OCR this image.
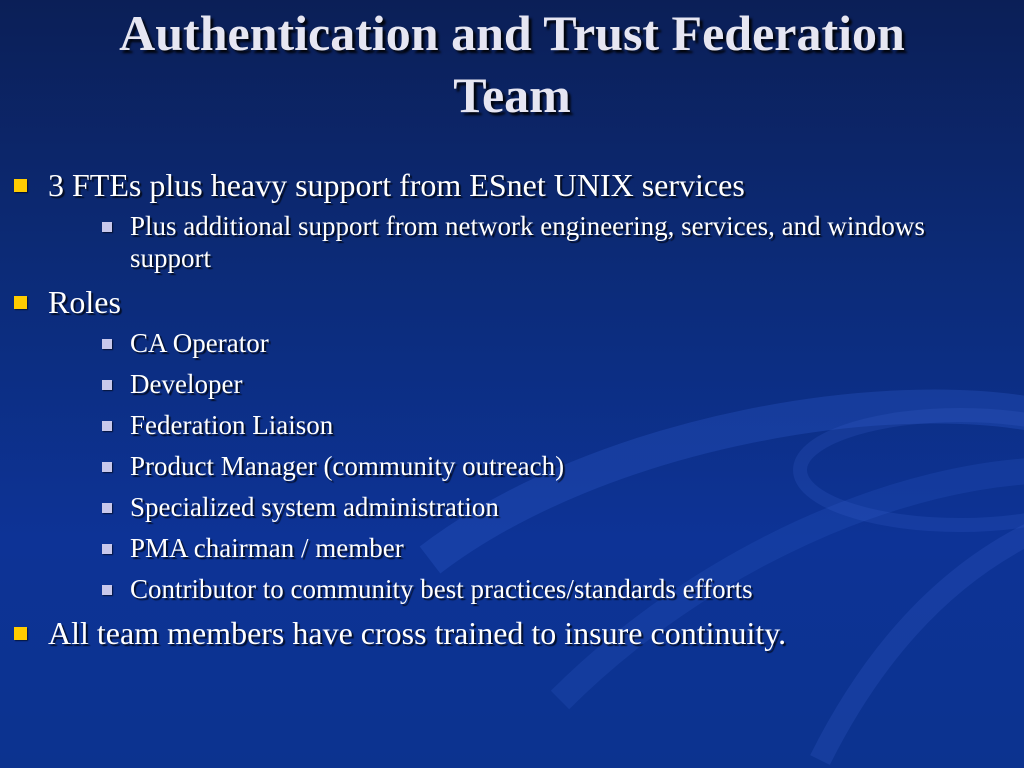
Authentication and Trust Federation
Team
3 FTEs plus heavy support from ESnet UNIX services
Plus additional support from network engineering, services, and windows support
Roles
CA Operator
Developer
Federation Liaison
Product Manager (community outreach)
Specialized system administration
PMA chairman / member
Contributor to community best practices/standards efforts
All team members have cross trained to insure continuity.
